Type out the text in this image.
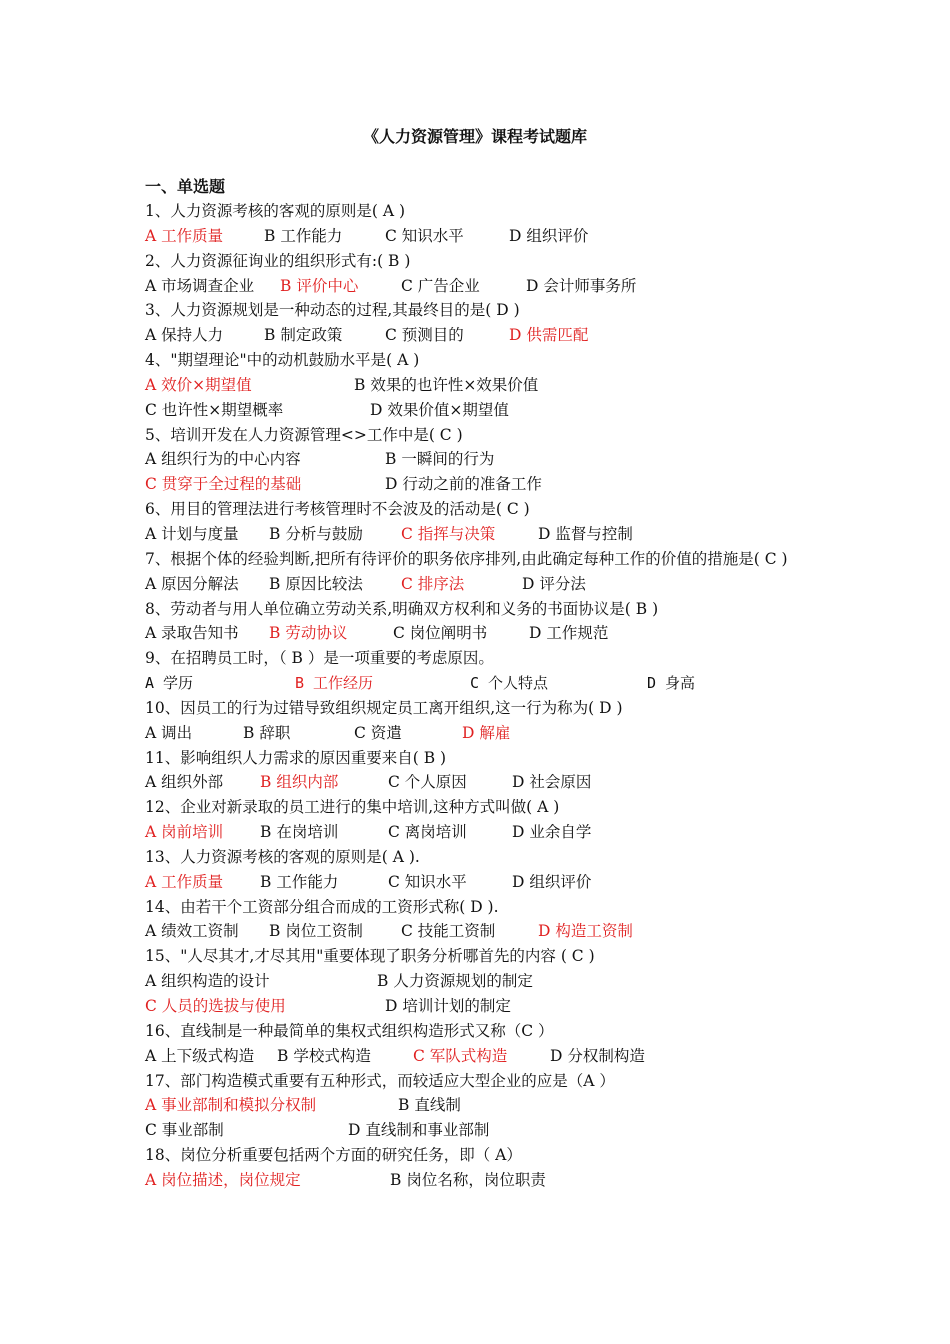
《人力资源管理》课程考试题库
一、单选题
1、人力资源考核的客观的原则是( A )
A 工作质量	B 工作能力	C 知识水平	D 组织评价
2、人力资源征询业的组织形式有:( B )
A 市场调查企业 B 评价中心	C 广告企业	D 会计师事务所
3、人力资源规划是一种动态的过程,其最终目的是( D )
A 保持人力	B 制定政策	C 预测目的	D 供需匹配
4、"期望理论"中的动机鼓励水平是( A )
A 效价×期望值	B 效果的也许性×效果价值
C 也许性×期望概率	D 效果价值×期望值
5、培训开发在人力资源管理<>工作中是( C )
A 组织行为的中心内容	B 一瞬间的行为
C 贯穿于全过程的基础	D 行动之前的准备工作
6、用目的管理法进行考核管理时不会波及的活动是( C )
A 计划与度量 B 分析与鼓励 C 指挥与决策	D 监督与控制
7、根据个体的经验判断,把所有待评价的职务依序排列,由此确定每种工作的价值的措施是( C )
A 原因分解法 B 原因比较法 C 排序法	D 评分法
8、劳动者与用人单位确立劳动关系,明确双方权利和义务的书面协议是( B )
A 录取告知书 B 劳动协议	C 岗位阐明书	D 工作规范
9、在招聘员工时，（ B ）是一项重要的考虑原因。
A 学历	B 工作经历	C 个人特点	D 身高
10、因员工的行为过错导致组织规定员工离开组织,这一行为称为( D )
A 调出	B 辞职	C 资遣	D 解雇
11、影响组织人力需求的原因重要来自( B )
A 组织外部 B 组织内部	C 个人原因	D 社会原因
12、企业对新录取的员工进行的集中培训,这种方式叫做( A )
A 岗前培训 B 在岗培训	C 离岗培训	D 业余自学
13、人力资源考核的客观的原则是( A ).
A 工作质量 B 工作能力	C 知识水平	D 组织评价
14、由若干个工资部分组合而成的工资形式称( D ).
A 绩效工资制 B 岗位工资制 C 技能工资制	D 构造工资制
15、"人尽其才,才尽其用"重要体现了职务分析哪首先的内容 ( C )
A 组织构造的设计	B 人力资源规划的制定
C 人员的选拔与使用	D 培训计划的制定
16、直线制是一种最简单的集权式组织构造形式又称（C ）
A 上下级式构造 B 学校式构造	C 军队式构造	D 分权制构造
17、部门构造模式重要有五种形式，而较适应大型企业的应是（A ）
A 事业部制和模拟分权制	B 直线制
C 事业部制	D 直线制和事业部制
18、岗位分析重要包括两个方面的研究任务，即（ A）
A 岗位描述，岗位规定	B 岗位名称，岗位职责
